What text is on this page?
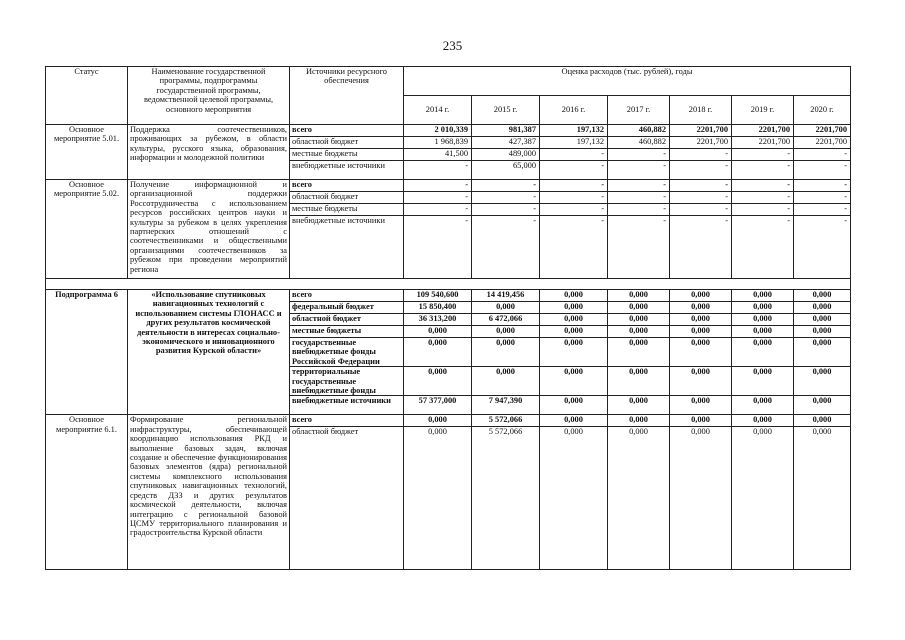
235
Статус	Наименование государственной программы, подпрограммы государственной программы, ведомственной целевой программы, основного мероприятия	Источники ресурсного обеспечения	Оценка расходов (тыс. рублей), годы						
			2014 г.	2015 г.	2016 г.	2017 г.	2018 г.	2019 г.	2020 г.
Основное мероприятие 5.01.	Поддержка соотечественников, проживающих за рубежом, в области культуры, русского языка, образования, информации и молодежной политики	всего	2 010,339	981,387	197,132	460,882	2201,700	2201,700	2201,700
		областной бюджет	1 968,839	427,387	197,132	460,882	2201,700	2201,700	2201,700
		местные бюджеты	41,500	489,000	-	-	-	-	-
		внебюджетные источники	-	65,000	-	-	-	-	-
Основное мероприятие 5.02.	Получение информационной и организационной поддержки Россотрудничества с использованием ресурсов российских центров науки и культуры за рубежом в целях укрепления партнерских отношений с соотечественниками и общественными организациями соотечественников за рубежом при проведении мероприятий региона	всего	-	-	-	-	-	-	-
		областной бюджет	-	-	-	-	-	-	-
		местные бюджеты	-	-	-	-	-	-	-
		внебюджетные источники	-	-	-	-	-	-	-

Подпрограмма 6	«Использование спутниковых навигационных технологий с использованием системы ГЛОНАСС и других результатов космической деятельности в интересах социально-экономического и инновационного развития Курской области»	всего	109 540,600	14 419,456	0,000	0,000	0,000	0,000	0,000
		федеральный бюджет	15 850,400	0,000	0,000	0,000	0,000	0,000	0,000
		областной бюджет	36 313,200	6 472,066	0,000	0,000	0,000	0,000	0,000
		местные бюджеты	0,000	0,000	0,000	0,000	0,000	0,000	0,000
		государственные внебюджетные фонды Российской Федерации	0,000	0,000	0,000	0,000	0,000	0,000	0,000
		территориальные государственные внебюджетные фонды	0,000	0,000	0,000	0,000	0,000	0,000	0,000
		внебюджетные источники	57 377,000	7 947,390	0,000	0,000	0,000	0,000	0,000
Основное мероприятие 6.1.	Формирование региональной инфраструктуры, обеспечивающей координацию использования РКД и выполнение базовых задач, включая создание и обеспечение функционирования базовых элементов (ядра) региональной системы комплексного использования спутниковых навигационных технологий, средств ДЗЗ и других результатов космической деятельности, включая интеграцию с региональной базовой ЦСМУ территориального планирования и градостроительства Курской области	всего	0,000	5 572,066	0,000	0,000	0,000	0,000	0,000
		областной бюджет	0,000	5 572,066	0,000	0,000	0,000	0,000	0,000
